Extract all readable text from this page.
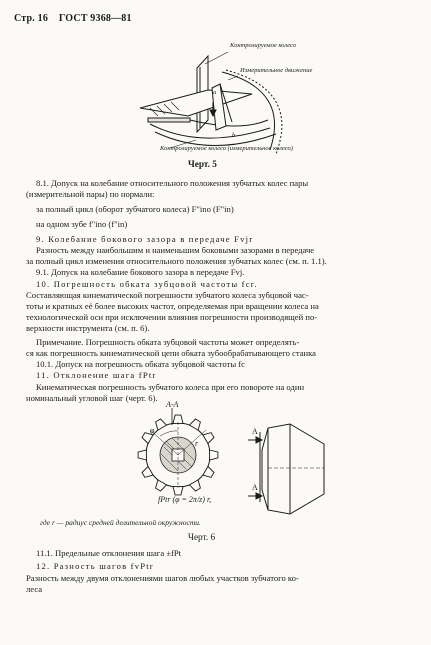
Стр. 16 ГОСТ 9368—81
Контролируемое колесо
Измерительное движение
a
b
Контролируемое колесо (измерительное колесо)
Черт. 5
8.1. Допуск на колебание относительного положения зубчатых колес пары
(измерительной пары) по нормали:
за полный цикл (оборот зубчатого колеса) F"ino (F"in)
на одном зубе f"ino (f"in)
9. Колебание бокового зазора в передаче Fvjr
Разность между наибольшим и наименьшим боковыми зазорами в передаче
за полный цикл изменения относительного положения зубчатых колес (см. п. 1.1).
9.1. Допуск на колебание бокового зазора в передаче Fvj.
10. Погрешность обката зубцовой частоты fcr.
Составляющая кинематической погрешности зубчатого колеса зубцовой час-
тоты и кратных её более высоких частот, определяемая при вращении колеса на
технологической оси при исключении влияния погрешности производящей по-
верхности инструмента (см. п. 6).
Примечание. Погрешность обката зубцовой частоты может определять-
ся как погрешность кинематической цепи обката зубообрабатывающего станка
10.1. Допуск на погрешность обката зубцовой частоты fc
11. Отклонение шага fPtr
Кинематическая погрешность зубчатого колеса при его повороте на один
номинальный угловой шаг (черт. 6).
А-А
φ
r
fPtr (φ = 2π/z) r,
А
А
где r — радиус средней делительной окружности.
Черт. 6
11.1. Предельные отклонения шага ±fPt
12. Разность шагов fvPtr
Разность между двумя отклонениями шагов любых участков зубчатого ко-
леса
